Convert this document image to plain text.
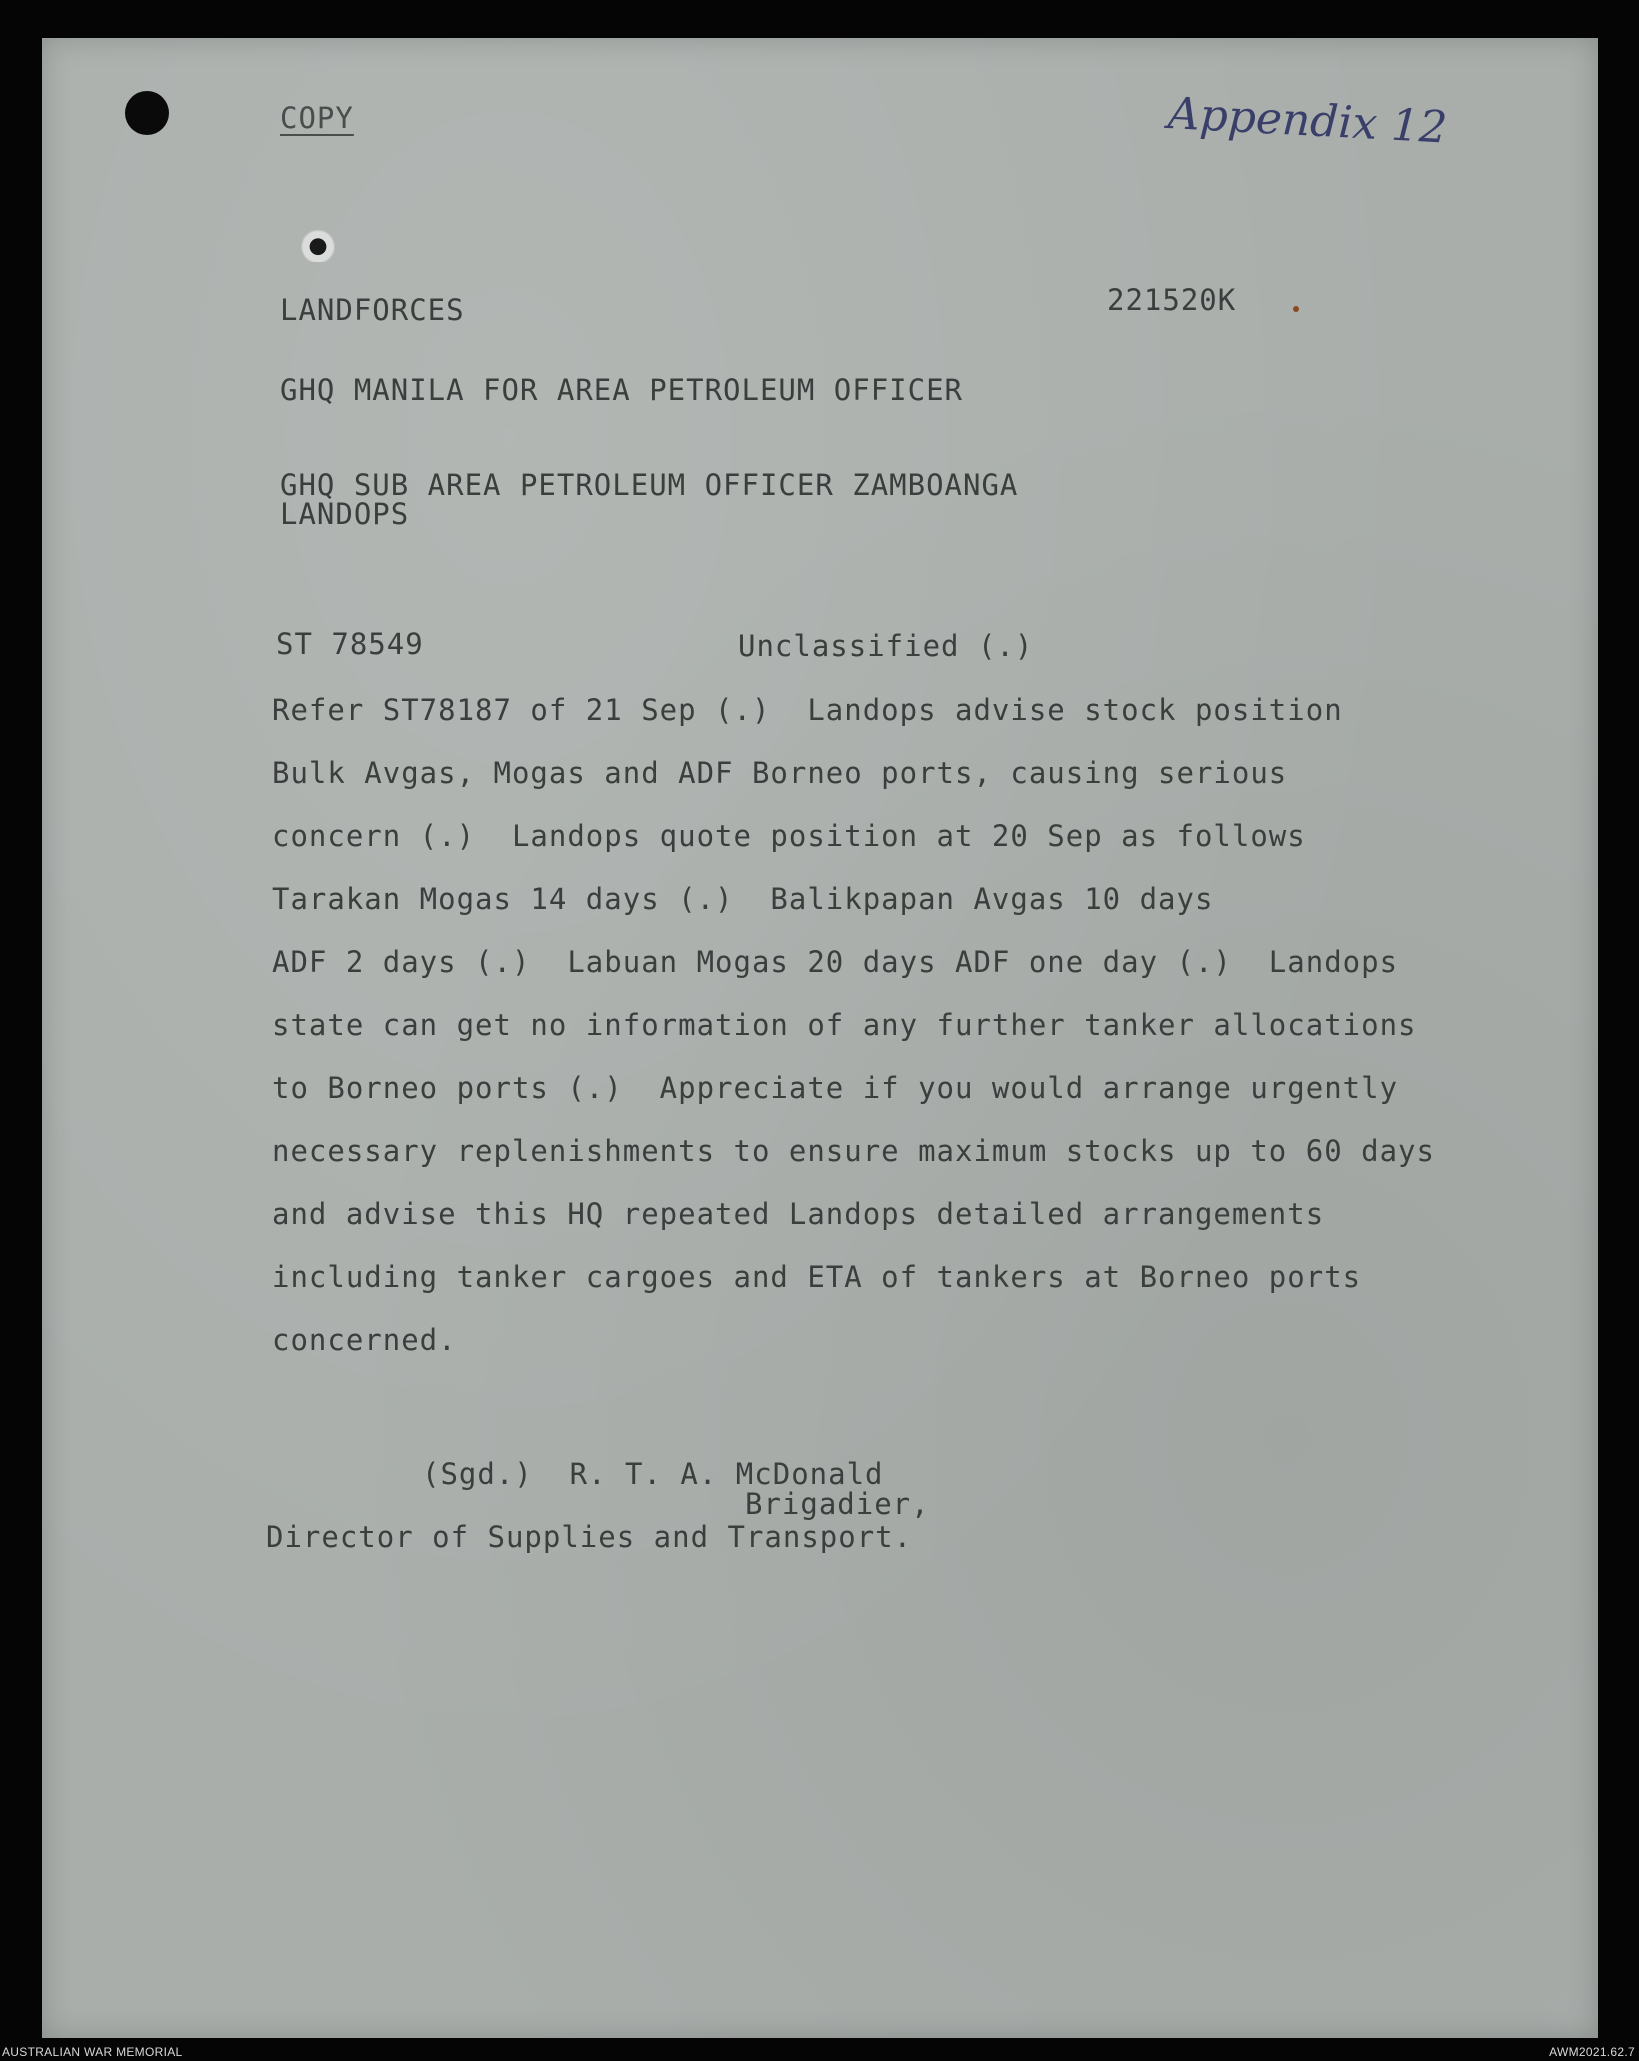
COPY	Appendix 12
LANDFORCES	221520K
GHQ MANILA FOR AREA PETROLEUM OFFICER
GHQ SUB AREA PETROLEUM OFFICER ZAMBOANGA
LANDOPS
ST 78549	Unclassified (.)
Refer ST78187 of 21 Sep (.)  Landops advise stock position
Bulk Avgas, Mogas and ADF Borneo ports, causing serious
concern (.)  Landops quote position at 20 Sep as follows
Tarakan Mogas 14 days (.)  Balikpapan Avgas 10 days
ADF 2 days (.)  Labuan Mogas 20 days ADF one day (.)  Landops
state can get no information of any further tanker allocations
to Borneo ports (.)  Appreciate if you would arrange urgently
necessary replenishments to ensure maximum stocks up to 60 days
and advise this HQ repeated Landops detailed arrangements
including tanker cargoes and ETA of tankers at Borneo ports
concerned.
(Sgd.)  R. T. A. McDonald
Brigadier,
Director of Supplies and Transport.
AUSTRALIAN WAR MEMORIAL	AWM2021.62.7
